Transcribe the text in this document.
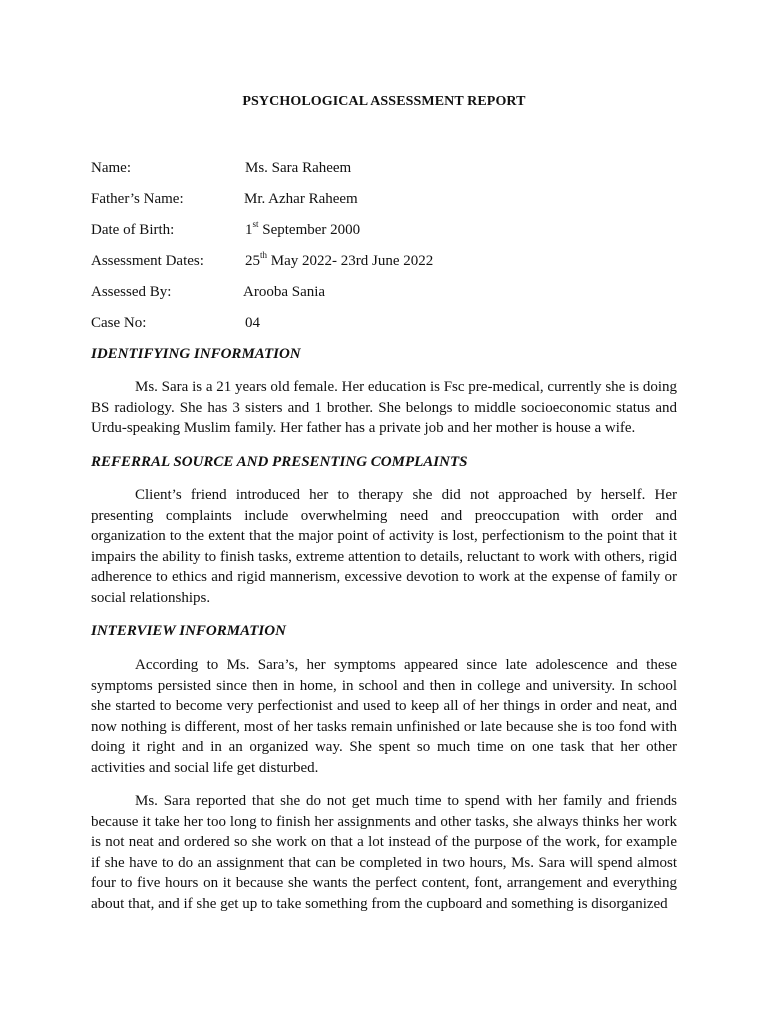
PSYCHOLOGICAL ASSESSMENT REPORT
Name:	Ms. Sara Raheem
Father’s Name:	Mr. Azhar Raheem
Date of Birth:	1st September 2000
Assessment Dates:	25th May 2022- 23rd June 2022
Assessed By:	Arooba Sania
Case No:	04
IDENTIFYING INFORMATION
Ms. Sara is a 21 years old female. Her education is Fsc pre-medical, currently she is doing BS radiology. She has 3 sisters and 1 brother. She belongs to middle socioeconomic status and Urdu-speaking Muslim family. Her father has a private job and her mother is house a wife.
REFERRAL SOURCE AND PRESENTING COMPLAINTS
Client’s friend introduced her to therapy she did not approached by herself. Her presenting complaints include overwhelming need and preoccupation with order and organization to the extent that the major point of activity is lost, perfectionism to the point that it impairs the ability to finish tasks, extreme attention to details, reluctant to work with others, rigid adherence to ethics and rigid mannerism, excessive devotion to work at the expense of family or social relationships.
INTERVIEW INFORMATION
According to Ms. Sara’s, her symptoms appeared since late adolescence and these symptoms persisted since then in home, in school and then in college and university. In school she started to become very perfectionist and used to keep all of her things in order and neat, and now nothing is different, most of her tasks remain unfinished or late because she is too fond with doing it right and in an organized way. She spent so much time on one task that her other activities and social life get disturbed.
Ms. Sara reported that she do not get much time to spend with her family and friends because it take her too long to finish her assignments and other tasks, she always thinks her work is not neat and ordered so she work on that a lot instead of the purpose of the work, for example if she have to do an assignment that can be completed in two hours, Ms. Sara will spend almost four to five hours on it because she wants the perfect content, font, arrangement and everything about that, and if she get up to take something from the cupboard and something is disorganized
